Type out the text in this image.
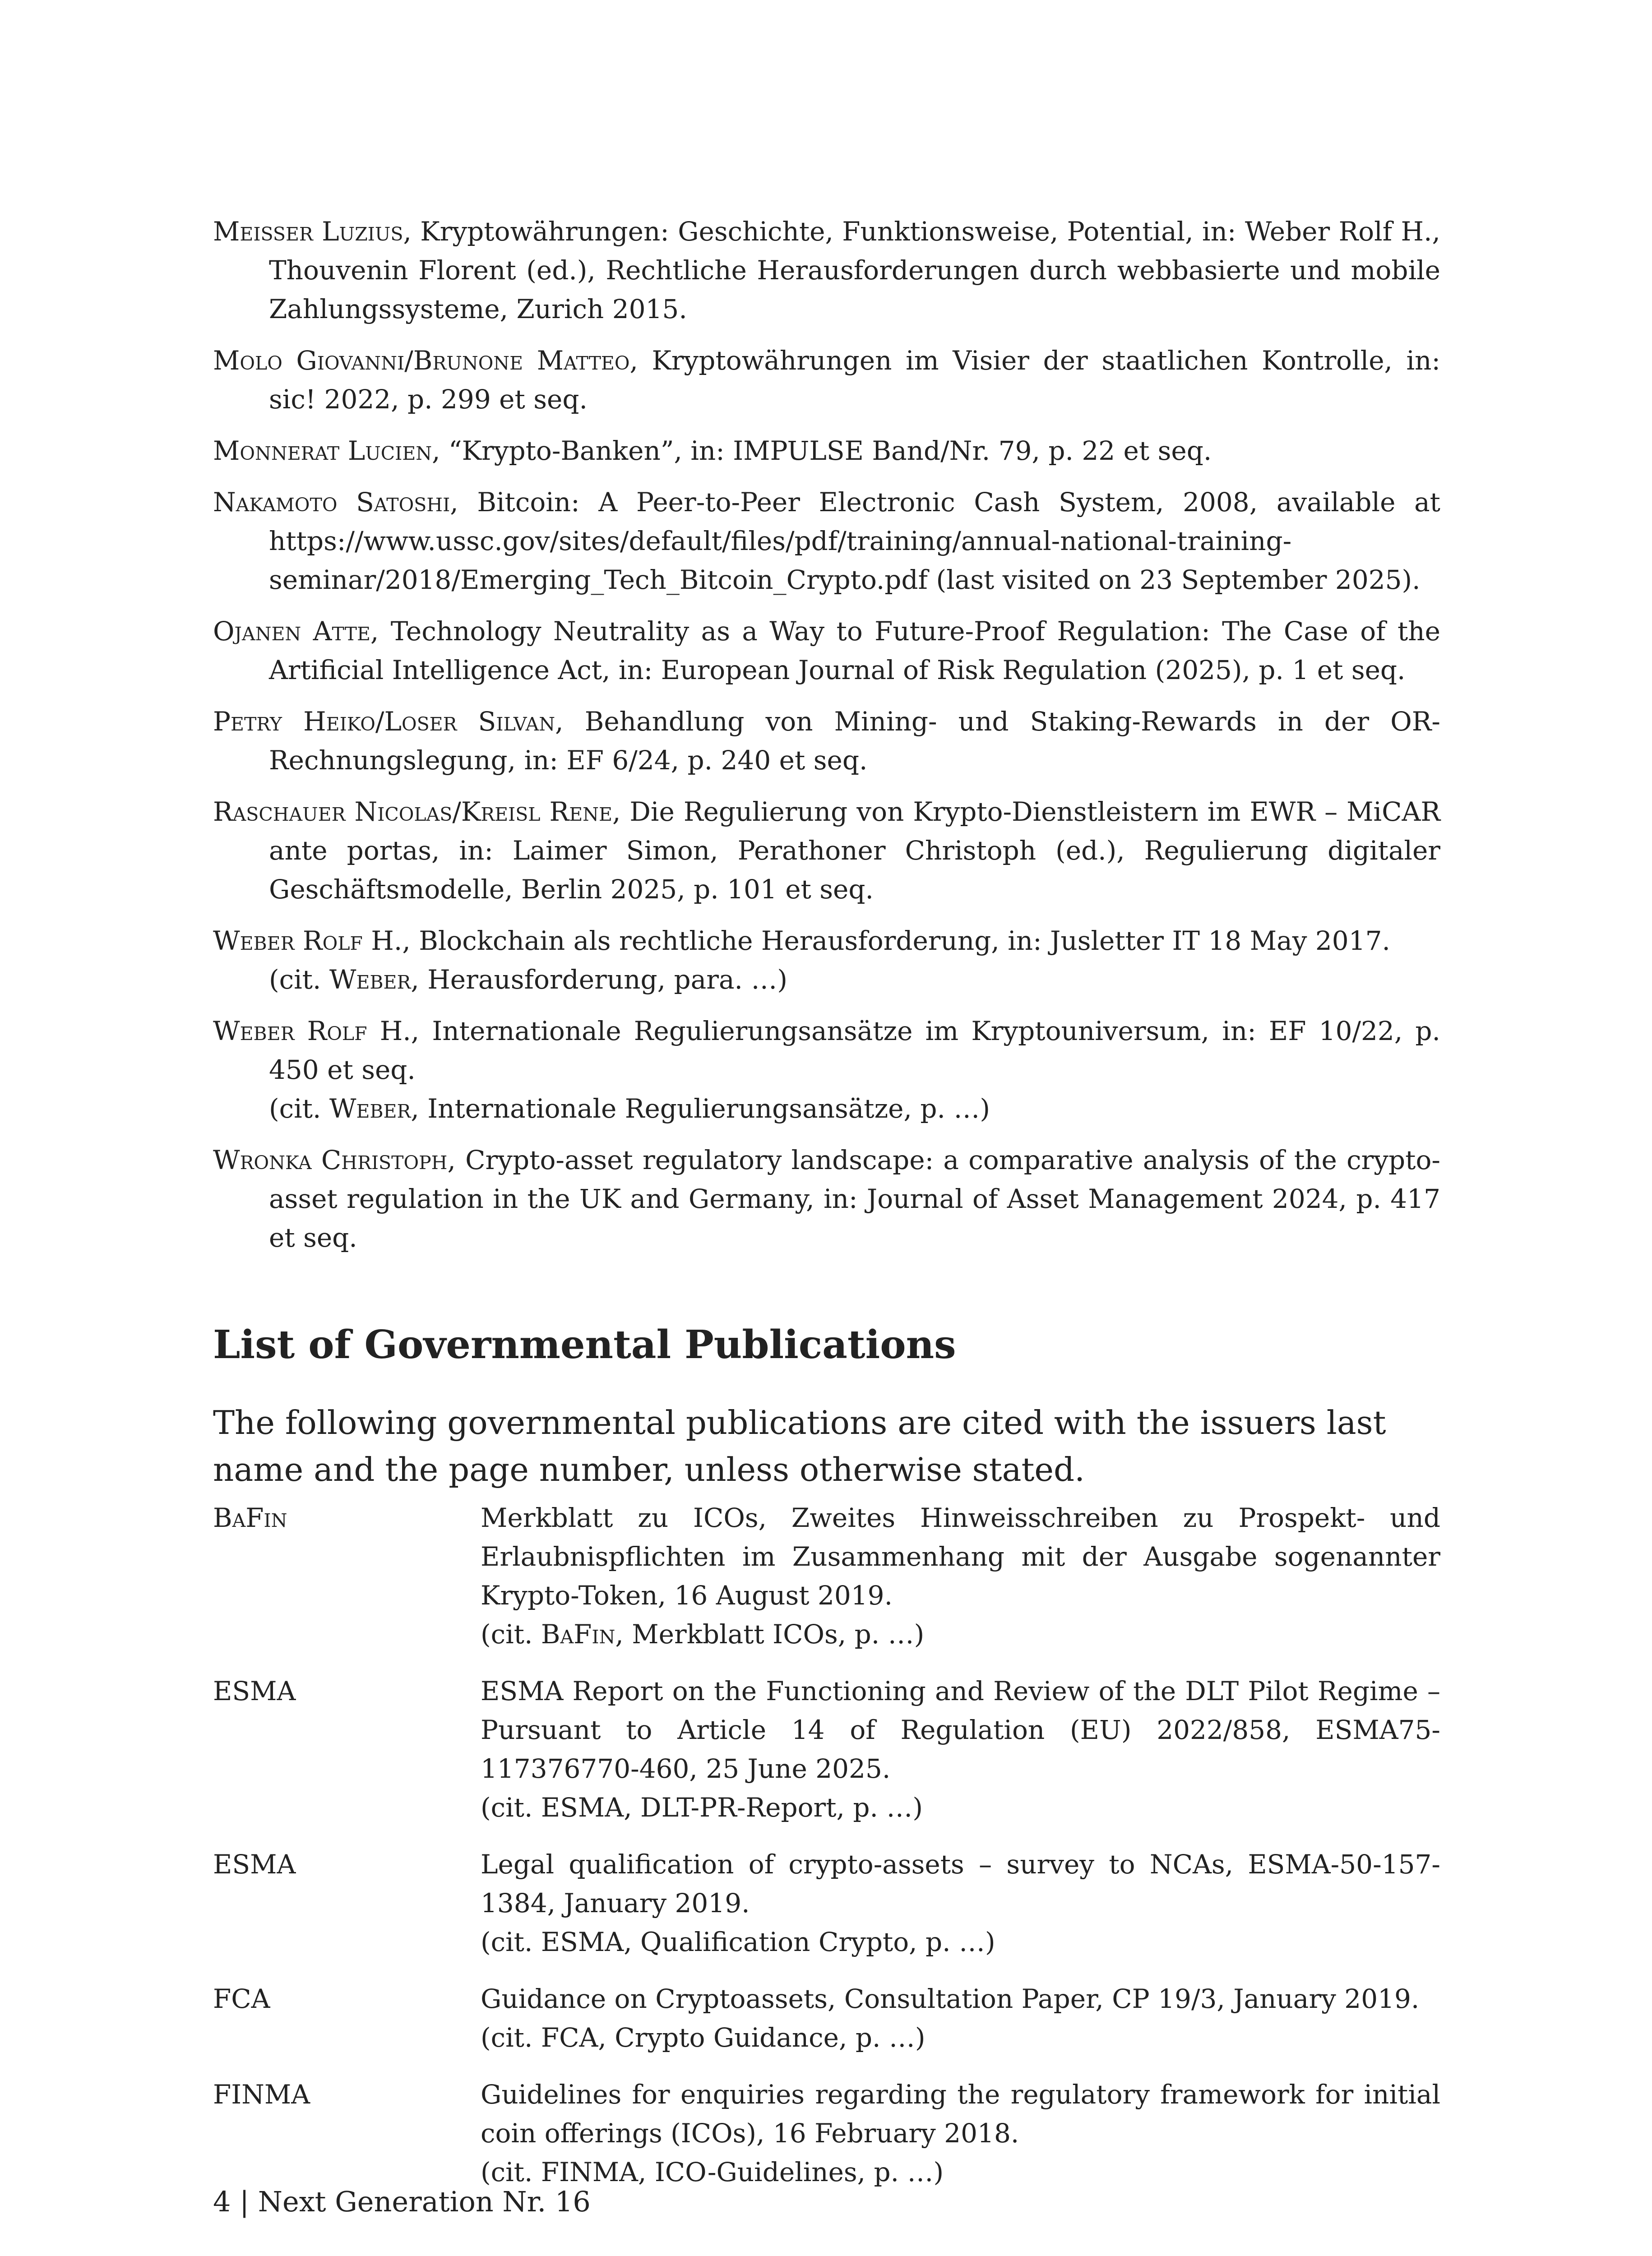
Meisser Luzius, Kryptowährungen: Geschichte, Funktionsweise, Potential, in: Weber Rolf H., Thouvenin Florent (ed.), Rechtliche Herausforderungen durch webbasierte und mobile Zahlungssysteme, Zurich 2015.

Molo Giovanni/Brunone Matteo, Kryptowährungen im Visier der staatlichen Kontrolle, in: sic! 2022, p. 299 et seq.

Monnerat Lucien, “Krypto-Banken”, in: IMPULSE Band/Nr. 79, p. 22 et seq.

Nakamoto Satoshi, Bitcoin: A Peer-to-Peer Electronic Cash System, 2008, available at https://www.ussc.gov/sites/default/files/pdf/training/annual-national-training-seminar/2018/Emerging_Tech_Bitcoin_Crypto.pdf (last visited on 23 September 2025).

Ojanen Atte, Technology Neutrality as a Way to Future-Proof Regulation: The Case of the Artificial Intelligence Act, in: European Journal of Risk Regulation (2025), p. 1 et seq.

Petry Heiko/Loser Silvan, Behandlung von Mining- und Staking-Rewards in der OR-Rechnungslegung, in: EF 6/24, p. 240 et seq.

Raschauer Nicolas/Kreisl Rene, Die Regulierung von Krypto-Dienstleistern im EWR – MiCAR ante portas, in: Laimer Simon, Perathoner Christoph (ed.), Regulierung digitaler Geschäftsmodelle, Berlin 2025, p. 101 et seq.

Weber Rolf H., Blockchain als rechtliche Herausforderung, in: Jusletter IT 18 May 2017.
(cit. Weber, Herausforderung, para. …)

Weber Rolf H., Internationale Regulierungsansätze im Kryptouniversum, in: EF 10/22, p. 450 et seq.
(cit. Weber, Internationale Regulierungsansätze, p. …)

Wronka Christoph, Crypto-asset regulatory landscape: a comparative analysis of the crypto-asset regulation in the UK and Germany, in: Journal of Asset Management 2024, p. 417 et seq.

List of Governmental Publications

The following governmental publications are cited with the issuers last name and the page number, unless otherwise stated.

BaFin	Merkblatt zu ICOs, Zweites Hinweisschreiben zu Prospekt- und Erlaubnispflichten im Zusammenhang mit der Ausgabe sogenannter Krypto-Token, 16 August 2019.
(cit. BaFin, Merkblatt ICOs, p. …)
ESMA	ESMA Report on the Functioning and Review of the DLT Pilot Regime – Pursuant to Article 14 of Regulation (EU) 2022/858, ESMA75-117376770-460, 25 June 2025.
(cit. ESMA, DLT-PR-Report, p. …)
ESMA	Legal qualification of crypto-assets – survey to NCAs, ESMA-50-157-1384, January 2019.
(cit. ESMA, Qualification Crypto, p. …)
FCA	Guidance on Cryptoassets, Consultation Paper, CP 19/3, January 2019.
(cit. FCA, Crypto Guidance, p. …)
FINMA	Guidelines for enquiries regarding the regulatory framework for initial coin offerings (ICOs), 16 February 2018.
(cit. FINMA, ICO-Guidelines, p. …)
4 | Next Generation Nr. 16
